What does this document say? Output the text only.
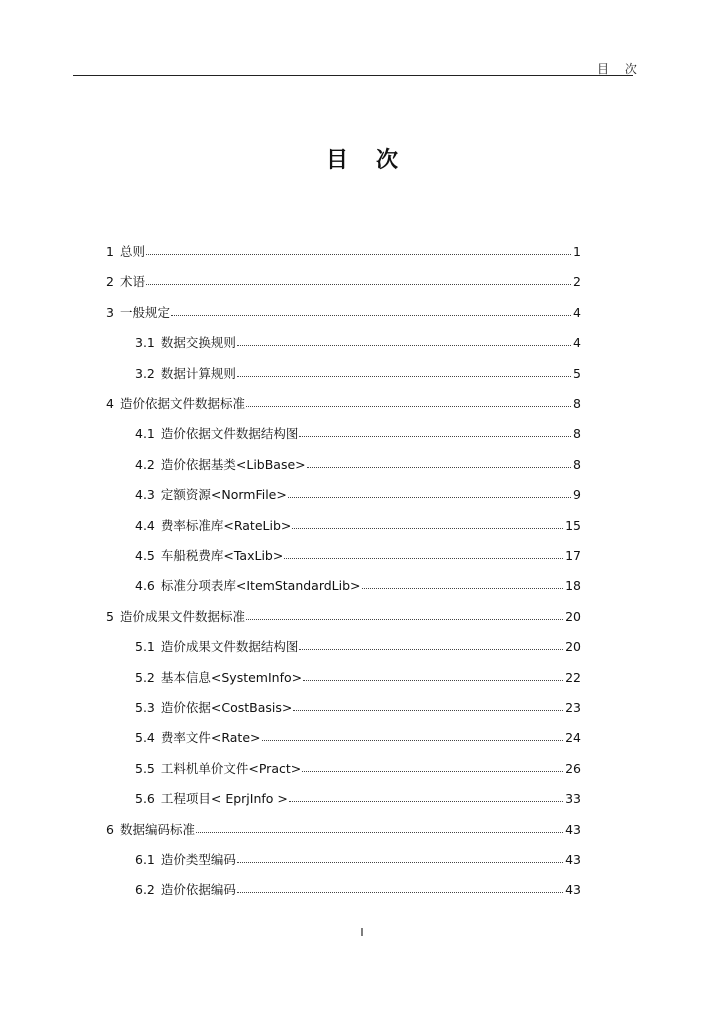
目 次
目次
1 总则	1
2 术语	2
3 一般规定	4
3.1 数据交换规则	4
3.2 数据计算规则	5
4 造价依据文件数据标准	8
4.1 造价依据文件数据结构图	8
4.2 造价依据基类<LibBase>	8
4.3 定额资源<NormFile>	9
4.4 费率标准库<RateLib>	15
4.5 车船税费库<TaxLib>	17
4.6 标准分项表库<ItemStandardLib>	18
5 造价成果文件数据标准	20
5.1 造价成果文件数据结构图	20
5.2 基本信息<SystemInfo>	22
5.3 造价依据<CostBasis>	23
5.4 费率文件<Rate>	24
5.5 工料机单价文件<Pract>	26
5.6 工程项目< EprjInfo >	33
6 数据编码标准	43
6.1 造价类型编码	43
6.2 造价依据编码	43
I
